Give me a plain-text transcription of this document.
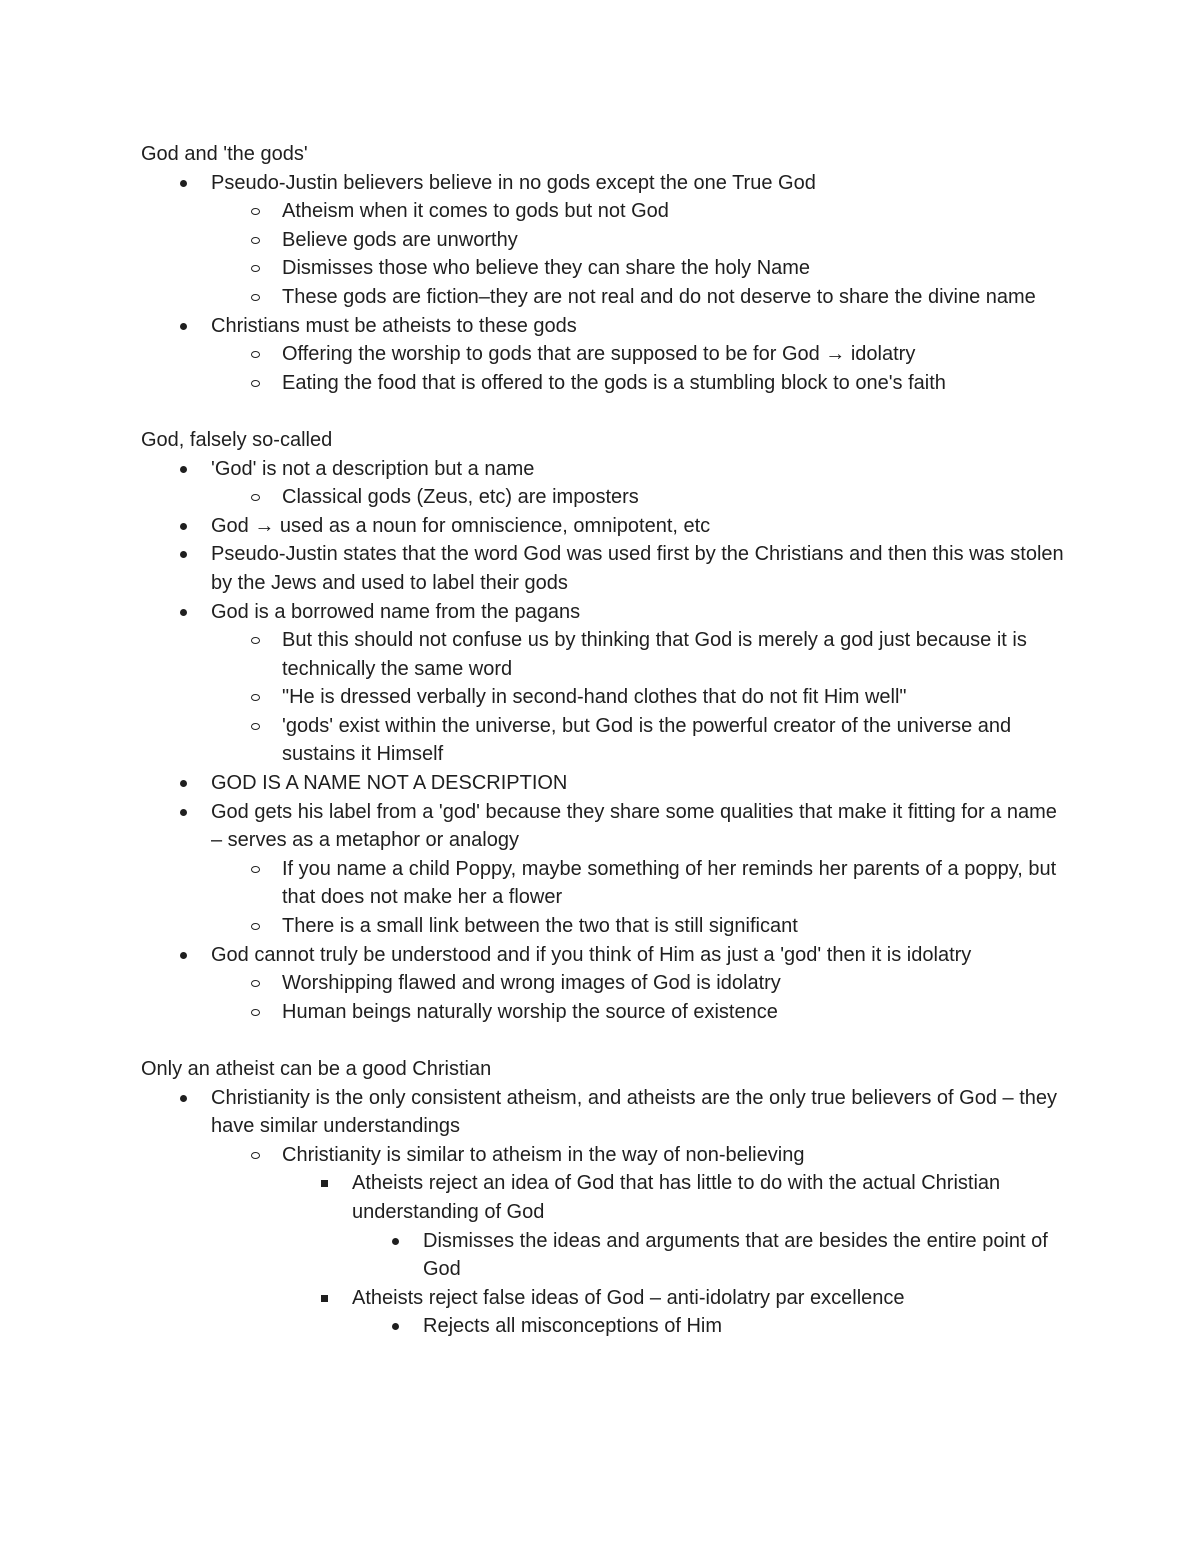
God and 'the gods'
Pseudo-Justin believers believe in no gods except the one True God
Atheism when it comes to gods but not God
Believe gods are unworthy
Dismisses those who believe they can share the holy Name
These gods are fiction–they are not real and do not deserve to share the divine name
Christians must be atheists to these gods
Offering the worship to gods that are supposed to be for God → idolatry
Eating the food that is offered to the gods is a stumbling block to one's faith
God, falsely so-called
'God' is not a description but a name
Classical gods (Zeus, etc) are imposters
God → used as a noun for omniscience, omnipotent, etc
Pseudo-Justin states that the word God was used first by the Christians and then this was stolen by the Jews and used to label their gods
God is a borrowed name from the pagans
But this should not confuse us by thinking that God is merely a god just because it is technically the same word
"He is dressed verbally in second-hand clothes that do not fit Him well"
'gods' exist within the universe, but God is the powerful creator of the universe and sustains it Himself
GOD IS A NAME NOT A DESCRIPTION
God gets his label from a 'god' because they share some qualities that make it fitting for a name – serves as a metaphor or analogy
If you name a child Poppy, maybe something of her reminds her parents of a poppy, but that does not make her a flower
There is a small link between the two that is still significant
God cannot truly be understood and if you think of Him as just a 'god' then it is idolatry
Worshipping flawed and wrong images of God is idolatry
Human beings naturally worship the source of existence
Only an atheist can be a good Christian
Christianity is the only consistent atheism, and atheists are the only true believers of God – they have similar understandings
Christianity is similar to atheism in the way of non-believing
Atheists reject an idea of God that has little to do with the actual Christian understanding of God
Dismisses the ideas and arguments that are besides the entire point of God
Atheists reject false ideas of God – anti-idolatry par excellence
Rejects all misconceptions of Him
